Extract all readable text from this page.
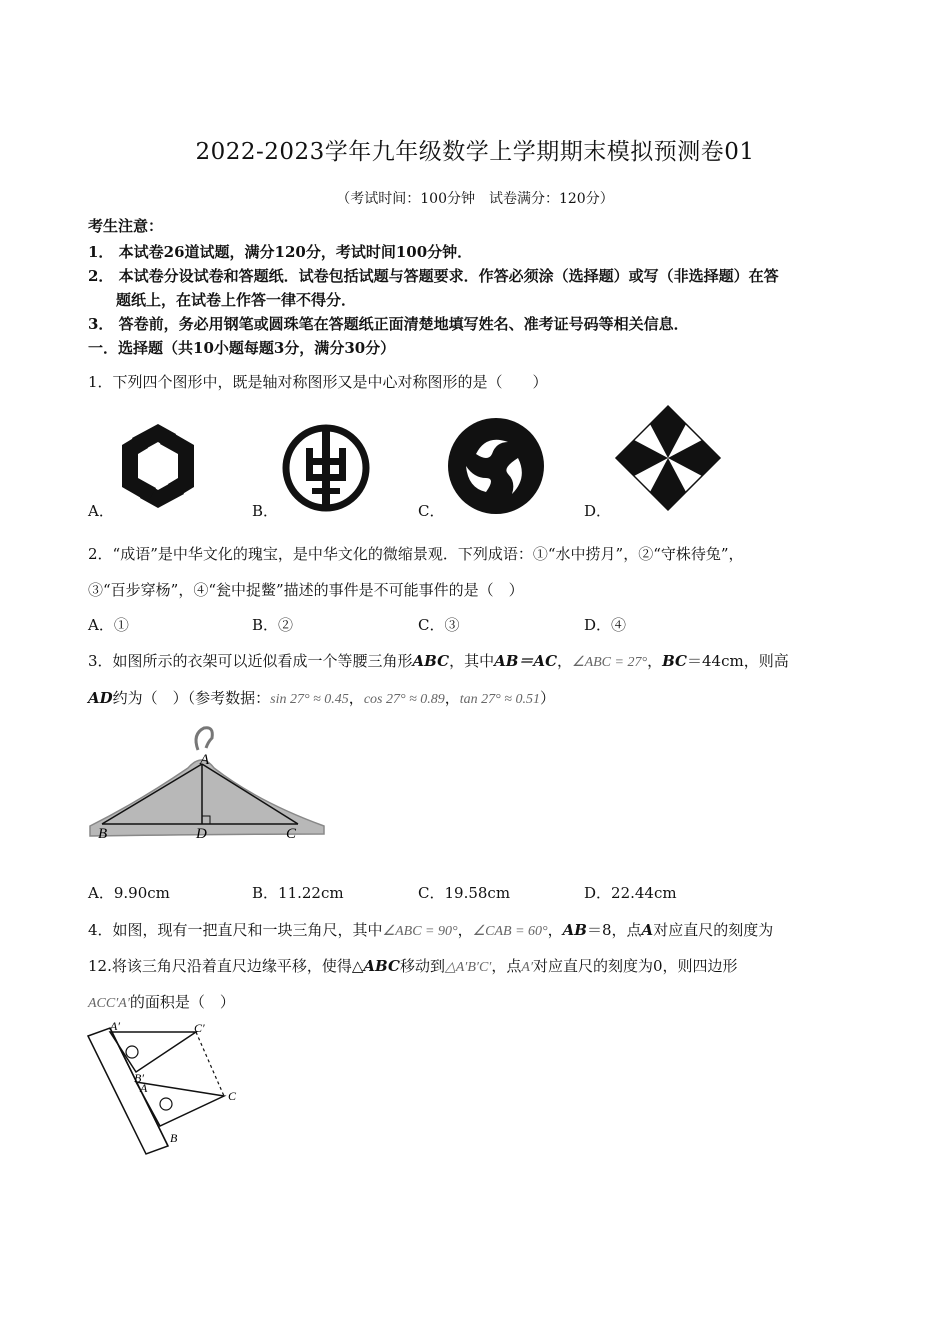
2022-2023学年九年级数学上学期期末模拟预测卷01
（考试时间：100分钟　试卷满分：120分）
考生注意：
1． 本试卷26道试题，满分120分，考试时间100分钟．
2． 本试卷分设试卷和答题纸．试卷包括试题与答题要求．作答必须涂（选择题）或写（非选择题）在答
题纸上，在试卷上作答一律不得分．
3． 答卷前，务必用钢笔或圆珠笔在答题纸正面清楚地填写姓名、准考证号码等相关信息．
一．选择题（共10小题每题3分，满分30分）
1．下列四个图形中，既是轴对称图形又是中心对称图形的是（　　）
A．	B．	C．	D．
2．“成语”是中华文化的瑰宝，是中华文化的微缩景观．下列成语：①“水中捞月”，②“守株待兔”，
③“百步穿杨”，④“瓮中捉鳖”描述的事件是不可能事件的是（　）
A．①	B．②	C．③	D．④
3．如图所示的衣架可以近似看成一个等腰三角形ABC，其中AB＝AC，∠ABC = 27°，BC＝44cm，则高
AD约为（　）（参考数据：sin 27° ≈ 0.45，cos 27° ≈ 0.89，tan 27° ≈ 0.51）
A
B	D	C
A．9.90cm	B．11.22cm	C．19.58cm	D．22.44cm
4．如图，现有一把直尺和一块三角尺，其中∠ABC = 90°，∠CAB = 60°，AB＝8，点A对应直尺的刻度为
12.将该三角尺沿着直尺边缘平移，使得△ABC移动到△A′B′C′，点A′对应直尺的刻度为0，则四边形
ACC′A′的面积是（　）
A′	C′
B′
A
C
B
